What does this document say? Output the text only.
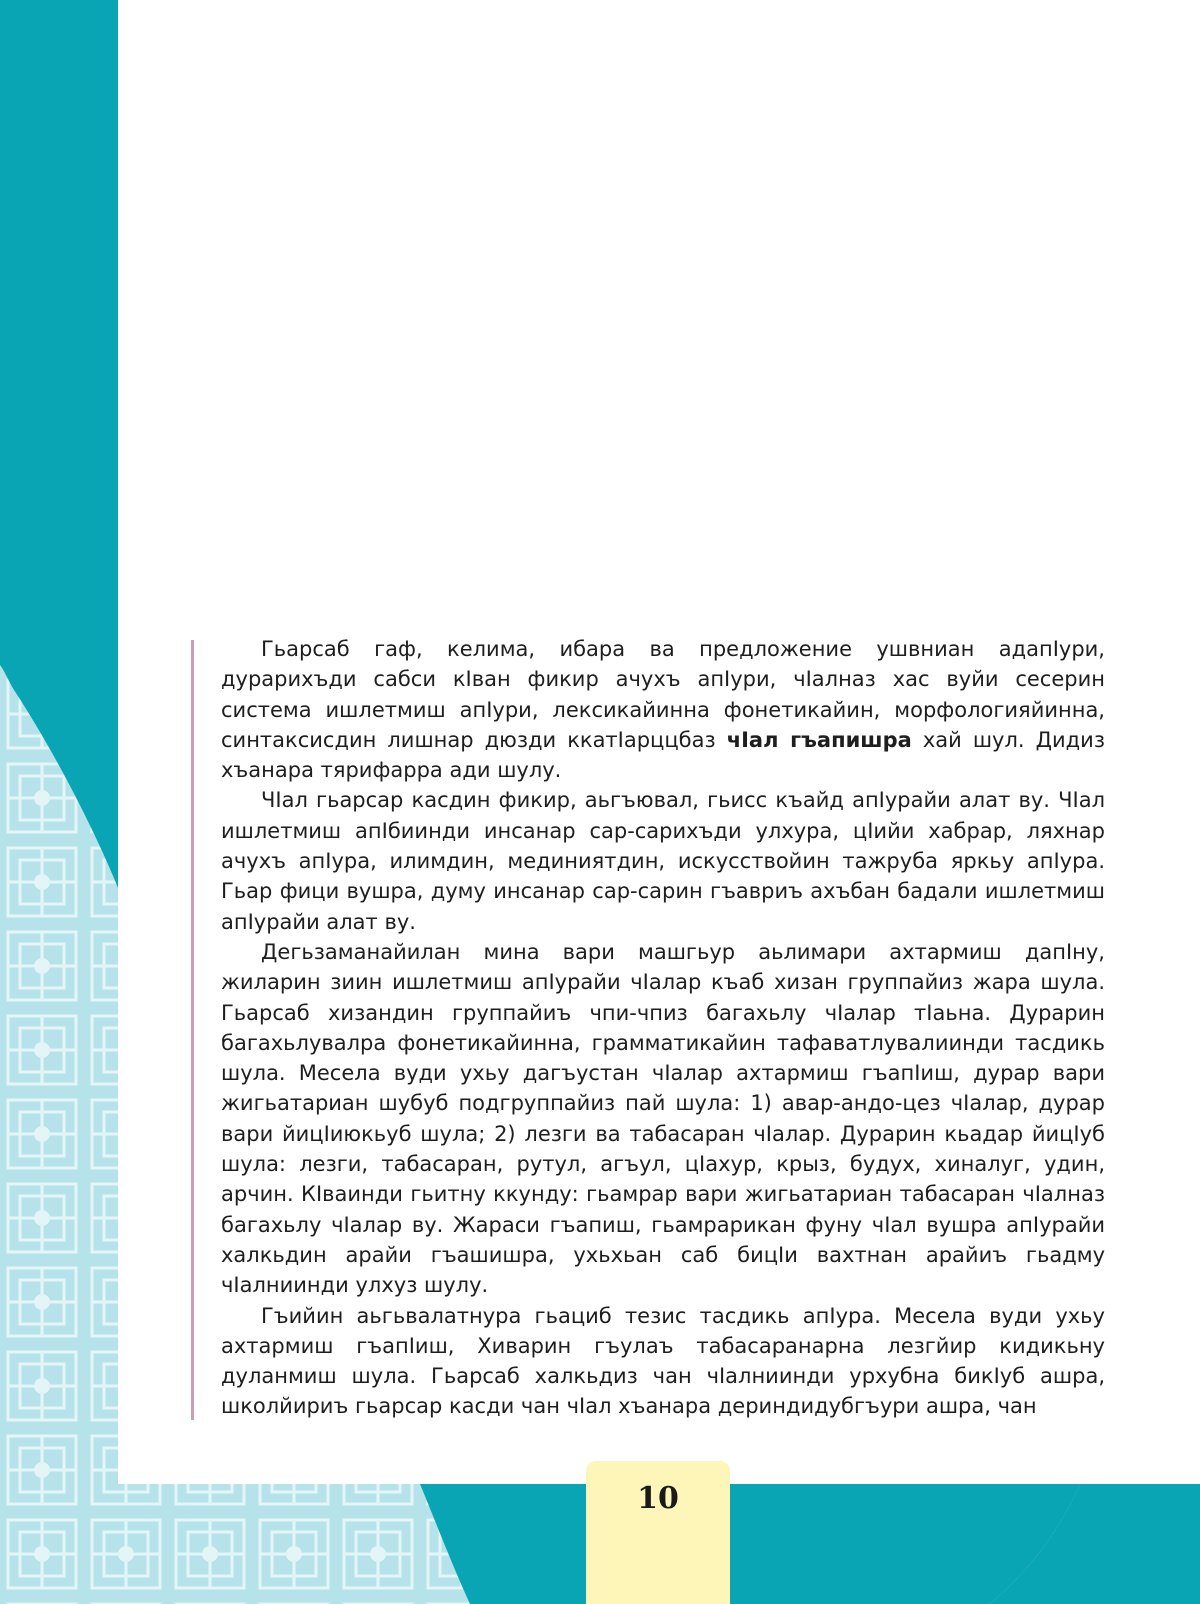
Гьарсаб гаф, келима, ибара ва предложение ушвниан адапІури, дурарихъди сабси кІван фикир ачухъ апІури, чІалназ хас вуйи сесерин система ишлетмиш апІури, лексикайинна фонетикайин, морфологияйинна, синтаксисдин лишнар дюзди ккатІарццбаз чІал гъапишра хай шул. Дидиз хъанара тярифарра ади шулу.

ЧІал гьарсар касдин фикир, аьгъювал, гьисс къайд апІурайи алат ву. ЧІал ишлетмиш апІбиинди инсанар сар-сарихъди улхура, цІийи хабрар, ляхнар ачухъ апІура, илимдин, мединиятдин, искусствойин тажруба яркьу апІура. Гьар фици вушра, думу инсанар сар-сарин гъавриъ ахъбан бадали ишлетмиш апІурайи алат ву.

Дегьзаманайилан мина вари машгьур аьлимари ахтармиш дапІну, жиларин зиин ишлетмиш апІурайи чІалар къаб хизан группайиз жара шула. Гьарсаб хизандин группайиъ чпи-чпиз багахьлу чІалар тІаьна. Дурарин багахьлувалра фонетикайинна, грамматикайин тафаватлувалиинди тасдикь шула. Месела вуди ухьу дагъустан чІалар ахтармиш гъапІиш, дурар вари жигьатариан шубуб подгруппайиз пай шула: 1) авар-андо-цез чІалар, дурар вари йицІиюкьуб шула; 2) лезги ва табасаран чІалар. Дурарин кьадар йицІуб шула: лезги, табасаран, рутул, агъул, цІахур, крыз, будух, хиналуг, удин, арчин. КІваинди гьитну ккунду: гьамрар вари жигьатариан табасаран чІалназ багахьлу чІалар ву. Жараси гъапиш, гьамрарикан фуну чІал вушра апІурайи халкьдин арайи гъашишра, ухьхьан саб бицІи вахтнан арайиъ гьадму чІалниинди улхуз шулу.

Гъийин аьгьвалатнура гьациб тезис тасдикь апІура. Месела вуди ухьу ахтармиш гъапІиш, Хиварин гъулаъ табасаранарна лезгйир кидикьну дуланмиш шула. Гьарсаб халкьдиз чан чІалниинди урхубна бикІуб ашра, школйириъ гьарсар касди чан чІал хъанара дериндидубгъури ашра, чан

10
